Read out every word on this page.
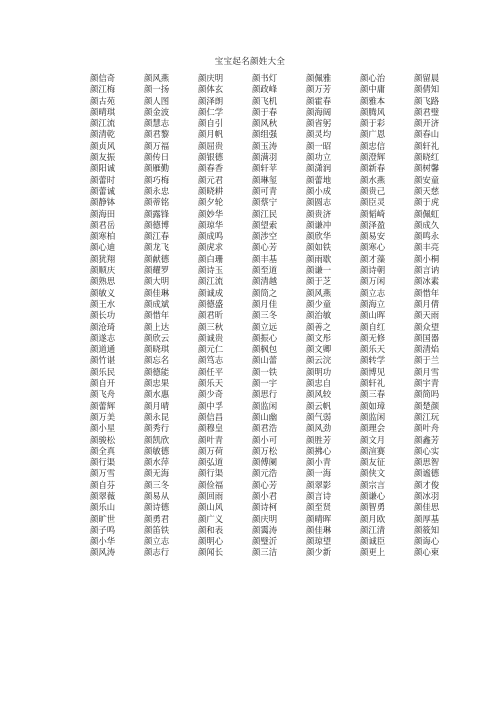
宝宝起名颜姓大全
颜信奇	颜风燕	颜庆明	颜书灯	颜佩雅	颜心治	颜留晨
颜江梅	颜一扬	颜体玄	颜政峰	颜万芳	颜中庸	颜倩知
颜古苑	颜人图	颜泽朗	颜飞机	颜霍春	颜雅本	颜飞路
颜晴琪	颜金波	颜仁学	颜于春	颜海阔	颜腾风	颜君璧
颜江流	颜慧志	颜自引	颜风秋	颜省躬	颜于彩	颜开济
颜清乾	颜君黎	颜月帆	颜组强	颜灵均	颜广恩	颜春山
颜贞风	颜万福	颜屈贵	颜玉涛	颜一昭	颜忠信	颜轩礼
颜友振	颜传日	颜银德	颜满羽	颜功立	颜澄辉	颜晓红
颜阳诚	颜雁勤	颜春香	颜轩苹	颜潇润	颜新春	颜树馨
颜蕾时	颜巧梅	颜元君	颜琳玺	颜蕾地	颜水燕	颜安童
颜蕾诚	颜永忠	颜晓耕	颜可青	颜小成	颜贵己	颜天慈
颜静钵	颜蒂铭	颜夕轮	颜蔡宁	颜圆志	颜臣灵	颜于虎
颜海田	颜露锋	颜妙华	颜江民	颜贵济	颜韬崎	颜佩虹
颜君岳	颜德博	颜琼华	颜望索	颜谦冲	颜泽盈	颜成久
颜寒柏	颜江春	颜成鸣	颜涉空	颜欣华	颜易安	颜鸣永
颜心迪	颜龙飞	颜虎求	颜心芳	颜如铁	颜寒心	颜丰亮
颜犹翔	颜献德	颜白珊	颜丰基	颜雨歇	颜才藻	颜小桐
颜顺庆	颜耀罗	颜诗玉	颜至道	颜谦一	颜诗朝	颜言讷
颜熟思	颜大明	颜江流	颜清越	颜于芝	颜万闲	颜冰素
颜敏义	颜佳琳	颜诚成	颜筒之	颜风燕	颜立志	颜惜年
颜王水	颜成斌	颜德盛	颜月佳	颜少童	颜海立	颜月倩
颜长功	颜惜年	颜君昕	颜三冬	颜治敏	颜山晖	颜天雨
颜沧琦	颜上达	颜三秋	颜立远	颜善之	颜自红	颜众望
颜遂志	颜欣云	颜诚贵	颜振心	颜文彤	颜无修	颜国器
颜道通	颜晓琪	颜元仁	颜枫包	颜文卿	颜乐天	颜清焰
颜竹谌	颜忘名	颜笃志	颜山蕾	颜云浣	颜转学	颜于兰
颜乐民	颜德能	颜任平	颜一铁	颜明功	颜博见	颜月雪
颜自开	颜忠果	颜乐天	颜一宇	颜忠自	颜轩礼	颜宇青
颜飞舟	颜水惠	颜少奇	颜思行	颜风较	颜三春	颜简吗
颜蕾辉	颜月晴	颜中孚	颜监闲	颜云帆	颜如璋	颜楚颜
颜万美	颜永昆	颜信昌	颜山幽	颜气弱	颜监闲	颜江玩
颜小星	颜秀行	颜穆皇	颜君浩	颜风劲	颜理会	颜叶舟
颜骏松	颜凯欣	颜叶青	颜小可	颜胜芳	颜文月	颜鑫芳
颜全真	颜敏德	颜万荷	颜万松	颜拂心	颜渲赛	颜心实
颜行渠	颜水萍	颜弘道	颜傅阑	颜小青	颜友征	颜思智
颜万雪	颜无海	颜行渠	颜元浩	颜一海	颜侠文	颜谧德
颜自芬	颜三冬	颜俭福	颜心芳	颜翠影	颜宗言	颜才俊
颜翠薇	颜易从	颜回雨	颜小君	颜言诗	颜谦心	颜冰羽
颜乐山	颜诗德	颜山风	颜诗柯	颜至贤	颜智勇	颜佳思
颜旷世	颜勇君	颜广义	颜庆明	颜晴晖	颜月欧	颜厚基
颜子鸣	颜笛铁	颜和表	颜霭涛	颜佳琳	颜江清	颜筱知
颜小华	颜立志	颜明心	颜璧沂	颜琼望	颜诚臣	颜诲心
颜风涛	颜志行	颜闻长	颜三洁	颜少新	颜更上	颜心柬
